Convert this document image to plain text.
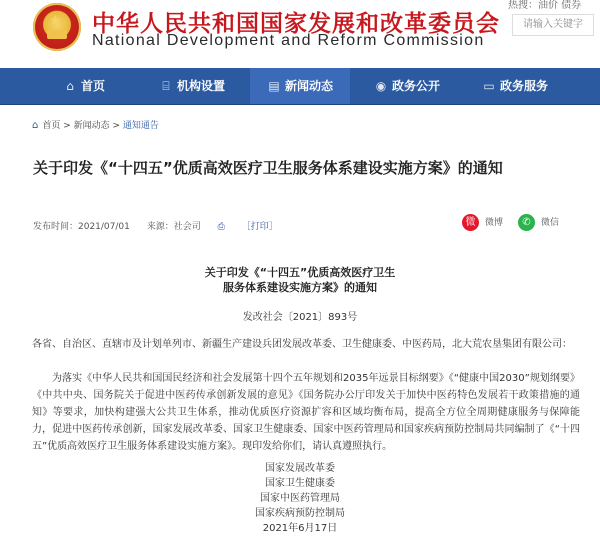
★ 中华人民共和国国家发展和改革委员会
National Development and Reform Commission
热搜：油价 债券
请输入关键字
⌂ 首页	⌸ 机构设置	▤ 新闻动态	◉ 政务公开	▭ 政务服务
⌂ 首页 > 新闻动态 > 通知通告
关于印发《“十四五”优质高效医疗卫生服务体系建设实施方案》的通知
发布时间：2021/07/01 来源：社会司 ⎙ ［打印］	微 微博	✆ 微信
关于印发《“十四五”优质高效医疗卫生
服务体系建设实施方案》的通知
发改社会〔2021〕893号
各省、自治区、直辖市及计划单列市、新疆生产建设兵团发展改革委、卫生健康委、中医药局，北大荒农垦集团有限公司：
为落实《中华人民共和国国民经济和社会发展第十四个五年规划和2035年远景目标纲要》《“健康中国2030”规划纲要》《中共中央、国务院关于促进中医药传承创新发展的意见》《国务院办公厅印发关于加快中医药特色发展若干政策措施的通知》等要求，加快构建强大公共卫生体系，推动优质医疗资源扩容和区域均衡布局，提高全方位全周期健康服务与保障能力，促进中医药传承创新，国家发展改革委、国家卫生健康委、国家中医药管理局和国家疾病预防控制局共同编制了《“十四五”优质高效医疗卫生服务体系建设实施方案》。现印发给你们，请认真遵照执行。
国家发展改革委
国家卫生健康委
国家中医药管理局
国家疾病预防控制局
2021年6月17日
